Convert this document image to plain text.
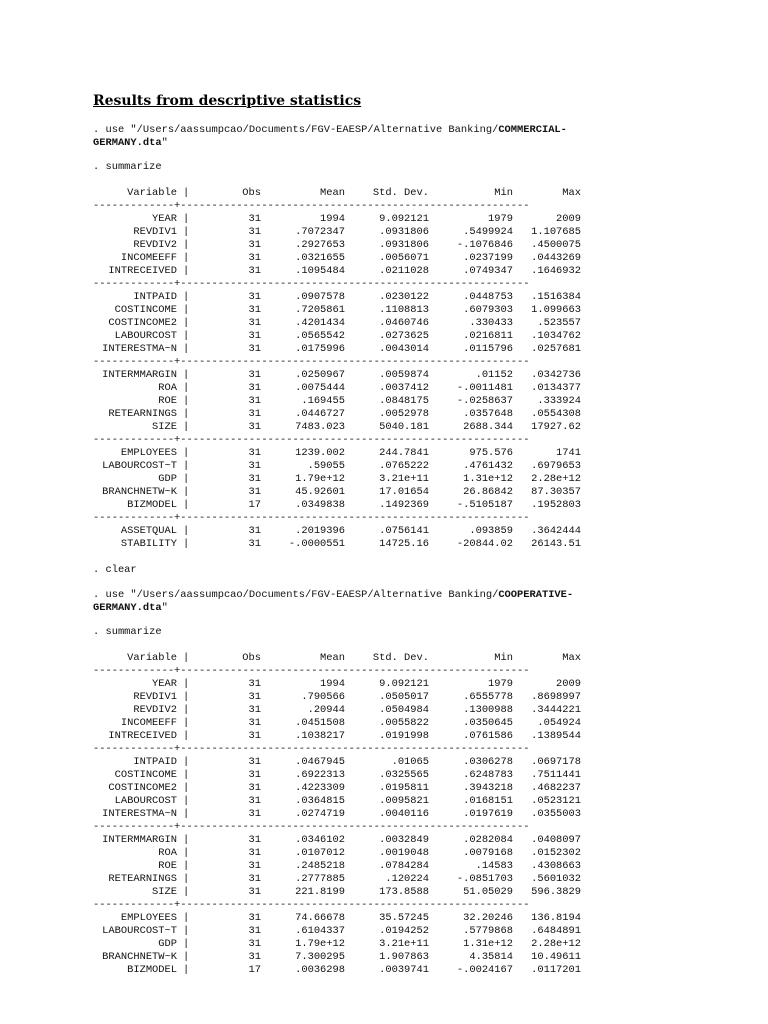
Results from descriptive statistics
. use "/Users/aassumpcao/Documents/FGV-EAESP/Alternative Banking/COMMERCIAL-
GERMANY.dta"
. summarize
Variable	Obs	Mean	Std. Dev.	Min	Max
|
-------------+--------------------------------------------------------
YEAR	31	1994	9.092121	1979	2009
|
REVDIV1	31	.7072347	.0931806	.5499924	1.107685
|
REVDIV2	31	.2927653	.0931806	-.1076846	.4500075
|
INCOMEEFF	31	.0321655	.0056071	.0237199	.0443269
|
INTRECEIVED	31	.1095484	.0211028	.0749347	.1646932
|
-------------+--------------------------------------------------------
INTPAID	31	.0907578	.0230122	.0448753	.1516384
|
COSTINCOME	31	.7205861	.1108813	.6079303	1.099663
|
COSTINCOME2	31	.4201434	.0460746	.330433	.523557
|
LABOURCOST	31	.0565542	.0273625	.0216811	.1034762
|
INTERESTMA~N	31	.0175996	.0043014	.0115796	.0257681
|
-------------+--------------------------------------------------------
INTERMMARGIN	31	.0250967	.0059874	.01152	.0342736
|
ROA	31	.0075444	.0037412	-.0011481	.0134377
|
ROE	31	.169455	.0848175	-.0258637	.333924
|
RETEARNINGS	31	.0446727	.0052978	.0357648	.0554308
|
SIZE	31	7483.023	5040.181	2688.344	17927.62
|
-------------+--------------------------------------------------------
EMPLOYEES	31	1239.002	244.7841	975.576	1741
|
LABOURCOST~T	31	.59055	.0765222	.4761432	.6979653
|
GDP	31	1.79e+12	3.21e+11	1.31e+12	2.28e+12
|
BRANCHNETW~K	31	45.92601	17.01654	26.86842	87.30357
|
BIZMODEL	17	.0349838	.1492369	-.5105187	.1952803
|
-------------+--------------------------------------------------------
ASSETQUAL	31	.2019396	.0756141	.093859	.3642444
|
STABILITY	31	-.0000551	14725.16	-20844.02	26143.51
|
. clear
. use "/Users/aassumpcao/Documents/FGV-EAESP/Alternative Banking/COOPERATIVE-
GERMANY.dta"
. summarize
Variable	Obs	Mean	Std. Dev.	Min	Max
|
-------------+--------------------------------------------------------
YEAR	31	1994	9.092121	1979	2009
|
REVDIV1	31	.790566	.0505017	.6555778	.8698997
|
REVDIV2	31	.20944	.0504984	.1300988	.3444221
|
INCOMEEFF	31	.0451508	.0055822	.0350645	.054924
|
INTRECEIVED	31	.1038217	.0191998	.0761586	.1389544
|
-------------+--------------------------------------------------------
INTPAID	31	.0467945	.01065	.0306278	.0697178
|
COSTINCOME	31	.6922313	.0325565	.6248783	.7511441
|
COSTINCOME2	31	.4223309	.0195811	.3943218	.4682237
|
LABOURCOST	31	.0364815	.0095821	.0168151	.0523121
|
INTERESTMA~N	31	.0274719	.0040116	.0197619	.0355003
|
-------------+--------------------------------------------------------
INTERMMARGIN	31	.0346102	.0032849	.0282084	.0408097
|
ROA	31	.0107012	.0019048	.0079168	.0152302
|
ROE	31	.2485218	.0784284	.14583	.4308663
|
RETEARNINGS	31	.2777885	.120224	-.0851703	.5601032
|
SIZE	31	221.8199	173.8588	51.05029	596.3829
|
-------------+--------------------------------------------------------
EMPLOYEES	31	74.66678	35.57245	32.20246	136.8194
|
LABOURCOST~T	31	.6104337	.0194252	.5779868	.6484891
|
GDP	31	1.79e+12	3.21e+11	1.31e+12	2.28e+12
|
BRANCHNETW~K	31	7.300295	1.907863	4.35814	10.49611
|
BIZMODEL	17	.0036298	.0039741	-.0024167	.0117201
|
